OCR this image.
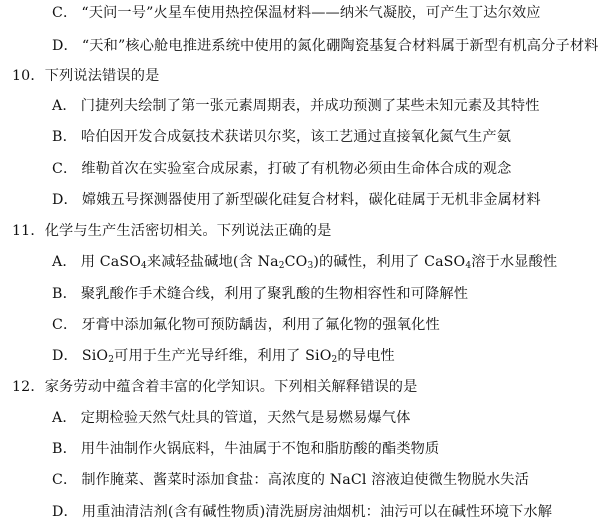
C． “天问一号”火星车使用热控保温材料——纳米气凝胶，可产生丁达尔效应
D． “天和”核心舱电推进系统中使用的氮化硼陶瓷基复合材料属于新型有机高分子材料
10．下列说法错误的是
A． 门捷列夫绘制了第一张元素周期表，并成功预测了某些未知元素及其特性
B． 哈伯因开发合成氨技术获诺贝尔奖，该工艺通过直接氧化氮气生产氨
C． 维勒首次在实验室合成尿素，打破了有机物必须由生命体合成的观念
D． 嫦娥五号探测器使用了新型碳化硅复合材料，碳化硅属于无机非金属材料
11．化学与生产生活密切相关。下列说法正确的是
A． 用 CaSO$_4$来减轻盐碱地(含 $Na_2CO_3$)的碱性，利用了 CaSO$_4$溶于水显酸性
B． 聚乳酸作手术缝合线，利用了聚乳酸的生物相容性和可降解性
C． 牙膏中添加氟化物可预防龋齿，利用了氟化物的强氧化性
D． SiO$_2$可用于生产光导纤维，利用了 SiO$_2$的导电性
12．家务劳动中蕴含着丰富的化学知识。下列相关解释错误的是
A． 定期检验天然气灶具的管道，天然气是易燃易爆气体
B． 用牛油制作火锅底料，牛油属于不饱和脂肪酸的酯类物质
C． 制作腌菜、酱菜时添加食盐：高浓度的 NaCl 溶液迫使微生物脱水失活
D． 用重油清洁剂(含有碱性物质)清洗厨房油烟机：油污可以在碱性环境下水解
